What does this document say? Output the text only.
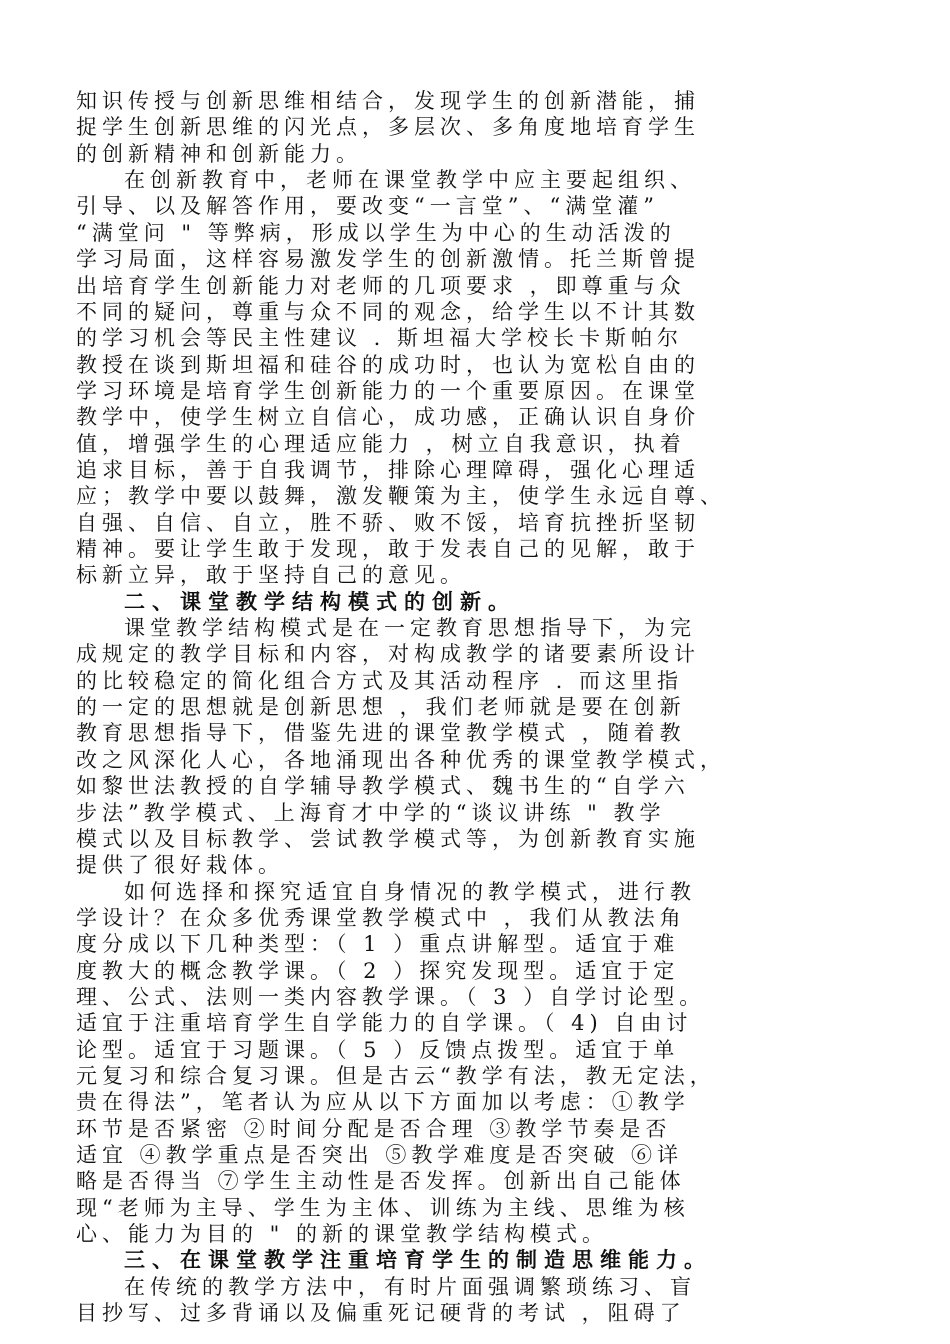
知识传授与创新思维相结合，发现学生的创新潜能，捕
捉学生创新思维的闪光点，多层次、多角度地培育学生
的创新精神和创新能力。
在创新教育中，老师在课堂教学中应主要起组织、
引导、以及解答作用，要改变“一言堂”、“满堂灌”
“满堂问 " 等弊病，形成以学生为中心的生动活泼的
学习局面，这样容易激发学生的创新激情。托兰斯曾提
出培育学生创新能力对老师的几项要求 ，即尊重与众
不同的疑问，尊重与众不同的观念，给学生以不计其数
的学习机会等民主性建议 . 斯坦福大学校长卡斯帕尔
教授在谈到斯坦福和硅谷的成功时，也认为宽松自由的
学习环境是培育学生创新能力的一个重要原因。在课堂
教学中，使学生树立自信心，成功感，正确认识自身价
值，增强学生的心理适应能力 ，树立自我意识，执着
追求目标，善于自我调节，排除心理障碍，强化心理适
应；教学中要以鼓舞，激发鞭策为主，使学生永远自尊、
自强、自信、自立，胜不骄、败不馁，培育抗挫折坚韧
精神。要让学生敢于发现，敢于发表自己的见解，敢于
标新立异，敢于坚持自己的意见。
二、课堂教学结构模式的创新。
课堂教学结构模式是在一定教育思想指导下，为完
成规定的教学目标和内容，对构成教学的诸要素所设计
的比较稳定的简化组合方式及其活动程序 . 而这里指
的一定的思想就是创新思想 ，我们老师就是要在创新
教育思想指导下，借鉴先进的课堂教学模式 ，随着教
改之风深化人心，各地涌现出各种优秀的课堂教学模式，
如黎世法教授的自学辅导教学模式、魏书生的“自学六
步法”教学模式、上海育才中学的“谈议讲练 " 教学
模式以及目标教学、尝试教学模式等，为创新教育实施
提供了很好栽体。
如何选择和探究适宜自身情况的教学模式，进行教
学设计？在众多优秀课堂教学模式中 ，我们从教法角
度分成以下几种类型：（ 1 ）重点讲解型。适宜于难
度教大的概念教学课。（ 2 ）探究发现型。适宜于定
理、公式、法则一类内容教学课。（ 3 ）自学讨论型。
适宜于注重培育学生自学能力的自学课。（ 4) 自由讨
论型。适宜于习题课。（ 5 ）反馈点拨型。适宜于单
元复习和综合复习课。但是古云“教学有法，教无定法，
贵在得法”，笔者认为应从以下方面加以考虑：①教学
环节是否紧密 ②时间分配是否合理 ③教学节奏是否
适宜 ④教学重点是否突出 ⑤教学难度是否突破 ⑥详
略是否得当 ⑦学生主动性是否发挥。创新出自己能体
现“老师为主导、学生为主体、训练为主线、思维为核
心、能力为目的 " 的新的课堂教学结构模式。
三、在课堂教学注重培育学生的制造思维能力。
在传统的教学方法中，有时片面强调繁琐练习、盲
目抄写、过多背诵以及偏重死记硬背的考试 ，阻碍了
